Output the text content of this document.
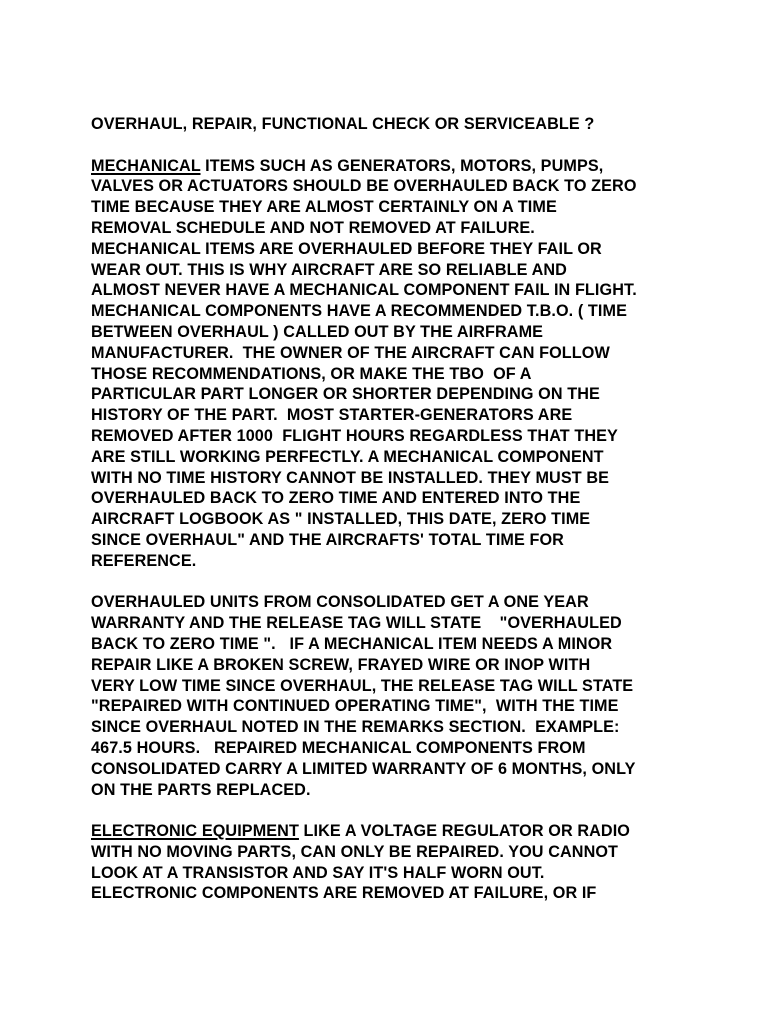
OVERHAUL, REPAIR, FUNCTIONAL CHECK OR SERVICEABLE ?
MECHANICAL ITEMS SUCH AS GENERATORS, MOTORS, PUMPS,
VALVES OR ACTUATORS SHOULD BE OVERHAULED BACK TO ZERO
TIME BECAUSE THEY ARE ALMOST CERTAINLY ON A TIME
REMOVAL SCHEDULE AND NOT REMOVED AT FAILURE.
MECHANICAL ITEMS ARE OVERHAULED BEFORE THEY FAIL OR
WEAR OUT. THIS IS WHY AIRCRAFT ARE SO RELIABLE AND
ALMOST NEVER HAVE A MECHANICAL COMPONENT FAIL IN FLIGHT.
MECHANICAL COMPONENTS HAVE A RECOMMENDED T.B.O. ( TIME
BETWEEN OVERHAUL ) CALLED OUT BY THE AIRFRAME
MANUFACTURER.  THE OWNER OF THE AIRCRAFT CAN FOLLOW
THOSE RECOMMENDATIONS, OR MAKE THE TBO  OF A
PARTICULAR PART LONGER OR SHORTER DEPENDING ON THE
HISTORY OF THE PART.  MOST STARTER-GENERATORS ARE
REMOVED AFTER 1000  FLIGHT HOURS REGARDLESS THAT THEY
ARE STILL WORKING PERFECTLY. A MECHANICAL COMPONENT
WITH NO TIME HISTORY CANNOT BE INSTALLED. THEY MUST BE
OVERHAULED BACK TO ZERO TIME AND ENTERED INTO THE
AIRCRAFT LOGBOOK AS " INSTALLED, THIS DATE, ZERO TIME
SINCE OVERHAUL" AND THE AIRCRAFTS' TOTAL TIME FOR
REFERENCE.
OVERHAULED UNITS FROM CONSOLIDATED GET A ONE YEAR
WARRANTY AND THE RELEASE TAG WILL STATE    "OVERHAULED
BACK TO ZERO TIME ".   IF A MECHANICAL ITEM NEEDS A MINOR
REPAIR LIKE A BROKEN SCREW, FRAYED WIRE OR INOP WITH
VERY LOW TIME SINCE OVERHAUL, THE RELEASE TAG WILL STATE
"REPAIRED WITH CONTINUED OPERATING TIME",  WITH THE TIME
SINCE OVERHAUL NOTED IN THE REMARKS SECTION.  EXAMPLE:
467.5 HOURS.   REPAIRED MECHANICAL COMPONENTS FROM
CONSOLIDATED CARRY A LIMITED WARRANTY OF 6 MONTHS, ONLY
ON THE PARTS REPLACED.
ELECTRONIC EQUIPMENT LIKE A VOLTAGE REGULATOR OR RADIO
WITH NO MOVING PARTS, CAN ONLY BE REPAIRED. YOU CANNOT
LOOK AT A TRANSISTOR AND SAY IT'S HALF WORN OUT.
ELECTRONIC COMPONENTS ARE REMOVED AT FAILURE, OR IF
